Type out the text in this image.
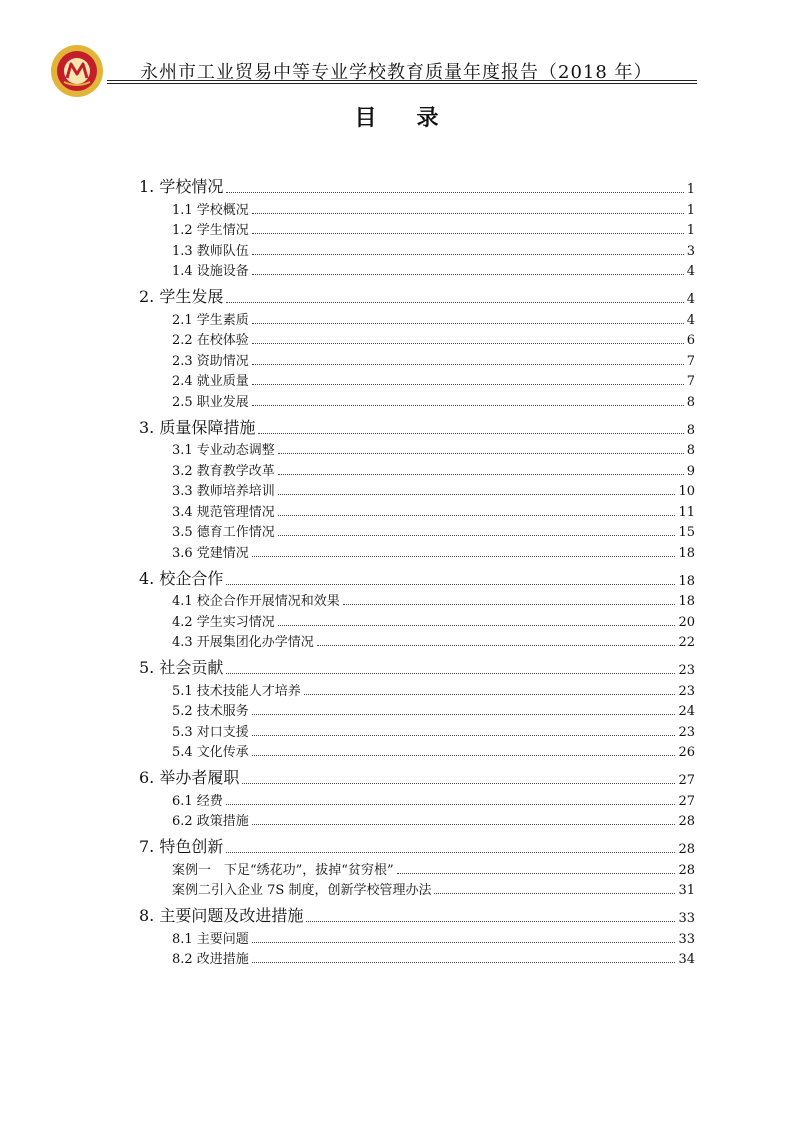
永州市工业贸易中等专业学校教育质量年度报告（2018 年）
目录
1. 学校情况	1
1.1 学校概况	1
1.2 学生情况	1
1.3 教师队伍	3
1.4 设施设备	4
2. 学生发展	4
2.1 学生素质	4
2.2 在校体验	6
2.3 资助情况	7
2.4 就业质量	7
2.5 职业发展	8
3. 质量保障措施	8
3.1 专业动态调整	8
3.2 教育教学改革	9
3.3 教师培养培训	10
3.4 规范管理情况	11
3.5 德育工作情况	15
3.6 党建情况	18
4. 校企合作	18
4.1 校企合作开展情况和效果	18
4.2 学生实习情况	20
4.3 开展集团化办学情况	22
5. 社会贡献	23
5.1 技术技能人才培养	23
5.2 技术服务	24
5.3 对口支援	23
5.4 文化传承	26
6. 举办者履职	27
6.1 经费	27
6.2 政策措施	28
7. 特色创新	28
案例一　下足“绣花功”，拔掉“贫穷根”	28
案例二引入企业 7S 制度，创新学校管理办法	31
8. 主要问题及改进措施	33
8.1 主要问题	33
8.2 改进措施	34
